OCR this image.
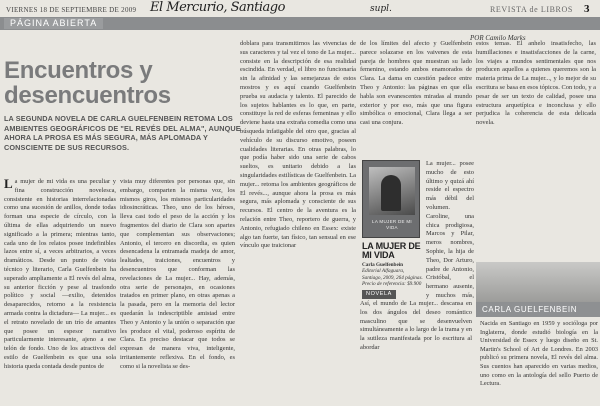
VIERNES 18 DE SEPTIEMBRE DE 2009 El Mercurio, Santiago	supl.	REVISTA de LIBROS 3
PÁGINA ABIERTA
POR Camilo Marks
Encuentros y desencuentros

LA SEGUNDA NOVELA DE CARLA GUELFENBEIN RETOMA LOS AMBIENTES GEOGRÁFICOS DE "EL REVÉS DEL ALMA", AUNQUE AHORA LA PROSA ES MÁS SEGURA, MÁS APLOMADA Y CONSCIENTE DE SUS RECURSOS.

La mujer de mi vida es una peculiar y fina construcción novelesca, consistente en historias interrelacionadas como una sucesión de anillos, donde todas forman una especie de círculo, con la última de ellas adquiriendo un nuevo significado a la primera; mientras tanto, cada uno de los relatos posee indefinibles lazos entre sí, a veces arbitrarios, a veces dramáticos. Desde un punto de vista técnico y literario, Carla Guelfenbein ha superado ampliamente a El revés del alma, su anterior ficción y pese al trasfondo político y social —exilio, detenidos desaparecidos, retorno a la resistencia armada contra la dictadura— La mujer... es el retrato novelado de un trío de amantes que posee un espesor narrativo particularmente interesante, ajeno a ese telón de fondo. Uno de los atractivos del estilo de Guelfenbein es que una sola historia queda contada desde puntos de
vista muy diferentes por personas que, sin embargo, comparten la misma voz, los mismos giros, los mismos particularidades idiosincráticas. Theo, uno de los héroes, lleva casi todo el peso de la acción y los fragmentos del diario de Clara son apartes que complementan sus observaciones; Antonio, el tercero en discordia, es quien desencadena la entramada madeja de amor, lealtades, traiciones, encuentros y desencuentros que conforman las revelaciones de La mujer... Hay, además, otra serie de personajes, en ocasiones tratados en primer plano, en otras apenas a la pasada, pero en la memoria del lector quedarán la indescriptible amistad entre Theo y Antonio y la unión o separación que les produce el vital, poderoso espíritu de Clara. Es preciso destacar que todos se expresan de manera viva, inteligente, irritantemente reflexiva. En el fondo, es como si la novelista se des-
doblara para transmitirnos las vivencias de sus caracteres y tal vez el tono de La mujer... consiste en la descripción de esa realidad escindida. En verdad, el libro no funcionaría sin la afinidad y las semejanzas de estos mostros y es aquí cuando Guelfenbein prueba su audacia y talento. El parecido de los sujetos hablantes es lo que, en parte, constituye la red de esferas femeninas y ello deviene hasta una extraña comedia como una búsqueda infatigable del otro que, gracias al vehículo de su discurso emotivo, poseen cualidades literarias. En otras palabras, lo que podía haber sido una serie de cabos sueltos, es unitario debido a las singularidades estilísticas de Guelfenbein. La mujer... retoma los ambientes geográficos de El revés..., aunque ahora la prosa es más segura, más aplomada y consciente de sus recursos. El centro de la aventura es la relación entre Theo, reportero de guerra, y Antonio, refugiado chileno en Essex: existe algo tan fuerte, tan físico, tan sensual en ese vínculo que traicionar
de los límites del afecto y Guelfenbein parece solazarse en los vaivenes de esta pareja de hombres que muestran su lado femenino, estando ambos enamorados de Clara. La dama en cuestión padece entre Theo y Antonio: las páginas en que ella habla son evanescentes miradas al mundo exterior y por eso, más que una figura simbólica o emocional, Clara llega a ser casi una conjura.
La mujer... posee mucho de esto último y quizá ahí reside el espectro más débil del volumen. Caroline, una chica prodigiosa, Marcos y Pilar, meros nombres, Sophie, la hija de Theo, Dor Arturo, padre de Antonio, Cristóbal, el hermano ausente, y muchos más,
Así, el mundo de La mujer... descansa en los dos ángulos del deseo romántico masculino que se desenvuelven simultáneamente a lo largo de la trama y en la sutileza manifestada por lo escritura al abordar
estos temas. El anhelo insatisfecho, las humillaciones e insatisfacciones de la carne, los viajes a mundos sentimentales que nos producen aquellos a quienes queremos son la materia prima de La mujer..., y lo mejor de su escritura se basa en esos tópicos. Con todo, y a pesar de ser un texto de calidad, posee una estructura arquetípica e inconclusa y ello perjudica la coherencia de esta delicada novela.
LA MUJER DE MI VIDA
LA MUJER DE MI VIDA
Carla Guelfenbein
Editorial Alfaguara, Santiago, 2009, 264 páginas. Precio de referencia: $9.900
NOVELA
CARLA GUELFENBEIN
Nacida en Santiago en 1959 y socióloga por Inglaterra, donde estudió biología en la Universidad de Essex y luego diseño en St. Martin's School of Art de Londres. En 2003 publicó su primera novela, El revés del alma. Sus cuentos han aparecido en varias medios, uno como en la antología del sello Puerto de Lectura.
